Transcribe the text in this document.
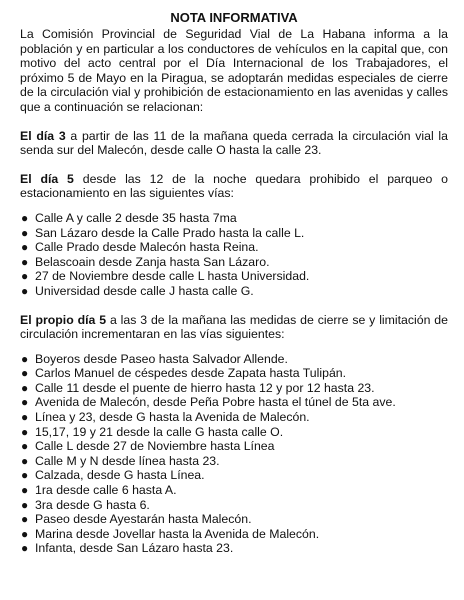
NOTA INFORMATIVA

La Comisión Provincial de Seguridad Vial de La Habana informa a la población y en particular a los conductores de vehículos en la capital que, con motivo del acto central por el Día Internacional de los Trabajadores, el próximo 5 de Mayo en la Piragua, se adoptarán medidas especiales de cierre de la circulación vial y prohibición de estacionamiento en las avenidas y calles que a continuación se relacionan:

El día 3 a partir de las 11 de la mañana queda cerrada la circulación vial la senda sur del Malecón, desde calle O hasta la calle 23.

El día 5 desde las 12 de la noche quedara prohibido el parqueo o estacionamiento en las siguientes vías:

● Calle A y calle 2 desde 35 hasta 7ma
● San Lázaro desde la Calle Prado hasta la calle L.
● Calle Prado desde Malecón hasta Reina.
● Belascoain desde Zanja hasta San Lázaro.
● 27 de Noviembre desde calle L hasta Universidad.
● Universidad desde calle J hasta calle G.

El propio día 5 a las 3 de la mañana las medidas de cierre se y limitación de circulación incrementaran en las vías siguientes:

● Boyeros desde Paseo hasta Salvador Allende.
● Carlos Manuel de céspedes desde Zapata hasta Tulipán.
● Calle 11 desde el puente de hierro hasta 12 y por 12 hasta 23.
● Avenida de Malecón, desde Peña Pobre hasta el túnel de 5ta ave.
● Línea y 23, desde G hasta la Avenida de Malecón.
● 15,17, 19 y 21 desde la calle G hasta calle O.
● Calle L desde 27 de Noviembre hasta Línea
● Calle M y N desde línea hasta 23.
● Calzada, desde G hasta Línea.
● 1ra desde calle 6 hasta A.
● 3ra desde G hasta 6.
● Paseo desde Ayestarán hasta Malecón.
● Marina desde Jovellar hasta la Avenida de Malecón.
● Infanta, desde San Lázaro hasta 23.
